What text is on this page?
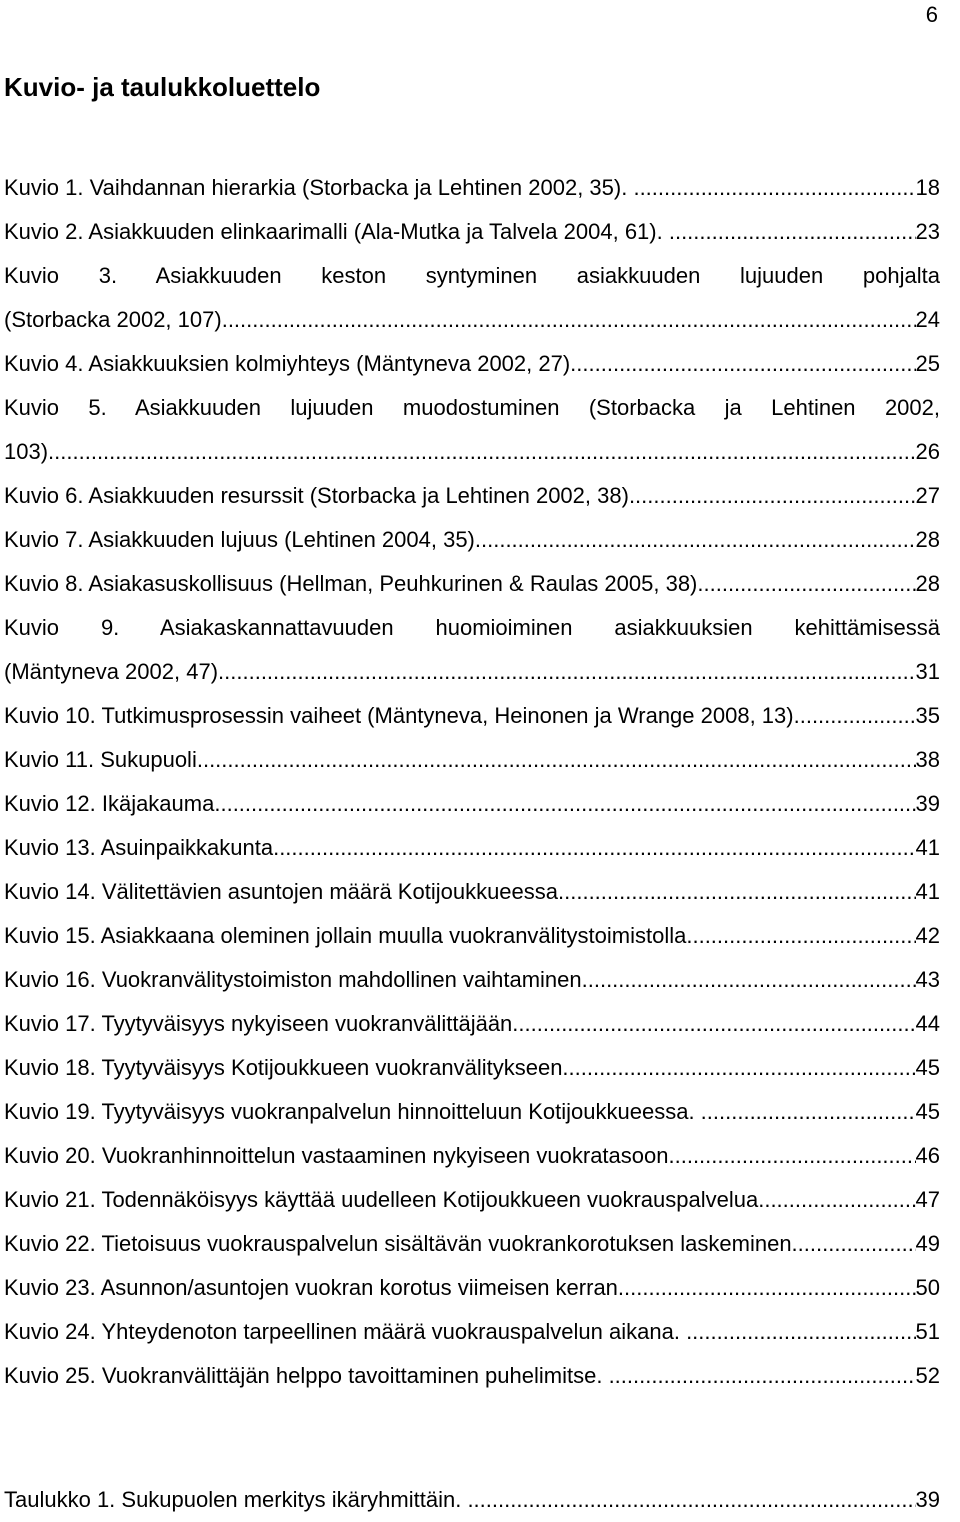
6
Kuvio- ja taulukkoluettelo
Kuvio 1. Vaihdannan hierarkia (Storbacka ja Lehtinen 2002, 35). .....	18
Kuvio 2. Asiakkuuden elinkaarimalli (Ala-Mutka ja Talvela 2004, 61). .....	23
Kuvio 3. Asiakkuuden keston syntyminen asiakkuuden lujuuden pohjalta
(Storbacka 2002, 107). .....	24
Kuvio 4. Asiakkuuksien kolmiyhteys (Mäntyneva 2002, 27). .....	25
Kuvio 5. Asiakkuuden lujuuden muodostuminen (Storbacka ja Lehtinen 2002,
103). .....	26
Kuvio 6. Asiakkuuden resurssit (Storbacka ja Lehtinen 2002, 38) .....	27
Kuvio 7. Asiakkuuden lujuus (Lehtinen 2004, 35). .....	28
Kuvio 8. Asiakasuskollisuus (Hellman, Peuhkurinen & Raulas 2005, 38). .....	28
Kuvio 9. Asiakaskannattavuuden huomioiminen asiakkuuksien kehittämisessä
(Mäntyneva 2002, 47). .....	31
Kuvio 10. Tutkimusprosessin vaiheet (Mäntyneva, Heinonen ja Wrange 2008, 13). .....	35
Kuvio 11. Sukupuoli. .....	38
Kuvio 12. Ikäjakauma. .....	39
Kuvio 13. Asuinpaikkakunta. .....	41
Kuvio 14. Välitettävien asuntojen määrä Kotijoukkueessa. .....	41
Kuvio 15. Asiakkaana oleminen jollain muulla vuokranvälitystoimistolla. .....	42
Kuvio 16. Vuokranvälitystoimiston mahdollinen vaihtaminen. .....	43
Kuvio 17. Tyytyväisyys nykyiseen vuokranvälittäjään. .....	44
Kuvio 18. Tyytyväisyys Kotijoukkueen vuokranvälitykseen. .....	45
Kuvio 19. Tyytyväisyys vuokranpalvelun hinnoitteluun Kotijoukkueessa. .....	45
Kuvio 20. Vuokranhinnoittelun vastaaminen nykyiseen vuokratasoon. .....	46
Kuvio 21. Todennäköisyys käyttää uudelleen Kotijoukkueen vuokrauspalvelua. .....	47
Kuvio 22. Tietoisuus vuokrauspalvelun sisältävän vuokrankorotuksen laskeminen. .....	49
Kuvio 23. Asunnon/asuntojen vuokran korotus viimeisen kerran. .....	50
Kuvio 24. Yhteydenoton tarpeellinen määrä vuokrauspalvelun aikana. .....	51
Kuvio 25. Vuokranvälittäjän helppo tavoittaminen puhelimitse. .....	52
Taulukko 1. Sukupuolen merkitys ikäryhmittäin. .....	39
